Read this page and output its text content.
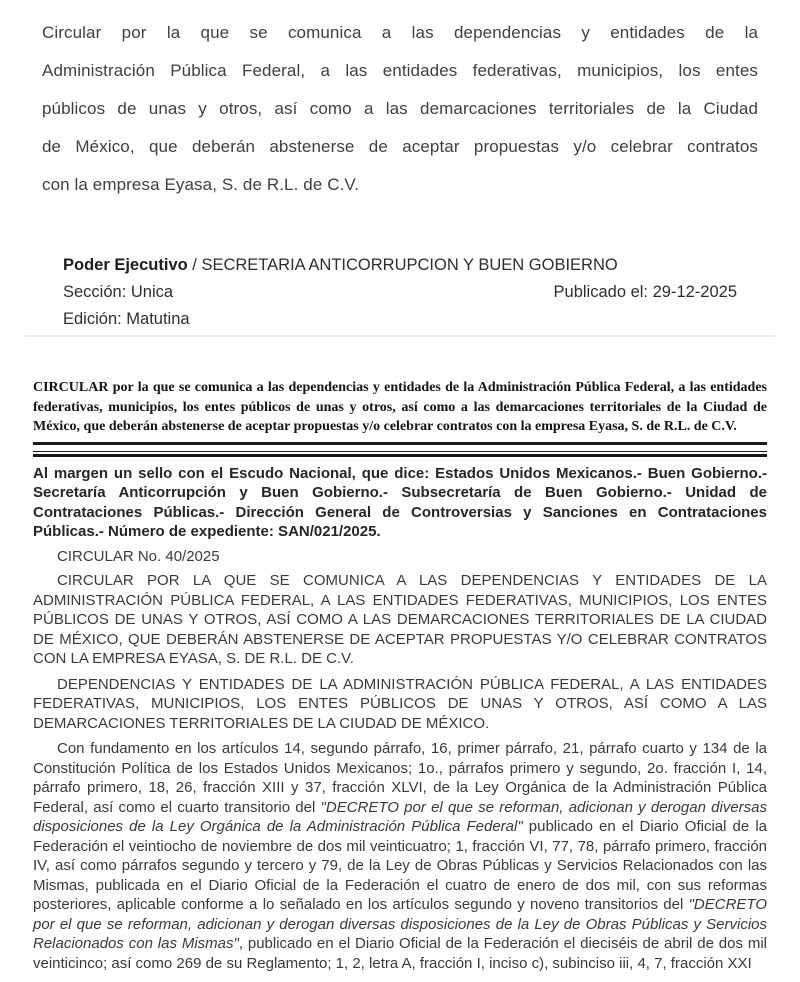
Circular por la que se comunica a las dependencias y entidades de la
Administración Pública Federal, a las entidades federativas, municipios, los entes
públicos de unas y otros, así como a las demarcaciones territoriales de la Ciudad
de México, que deberán abstenerse de aceptar propuestas y/o celebrar contratos
con la empresa Eyasa, S. de R.L. de C.V.
Poder Ejecutivo / SECRETARIA ANTICORRUPCION Y BUEN GOBIERNO
Sección: Unica	Publicado el: 29-12-2025
Edición: Matutina

CIRCULAR por la que se comunica a las dependencias y entidades de la Administración Pública Federal, a las entidades federativas, municipios, los entes públicos de unas y otros, así como a las demarcaciones territoriales de la Ciudad de México, que deberán abstenerse de aceptar propuestas y/o celebrar contratos con la empresa Eyasa, S. de R.L. de C.V.

Al margen un sello con el Escudo Nacional, que dice: Estados Unidos Mexicanos.- Buen Gobierno.- Secretaría Anticorrupción y Buen Gobierno.- Subsecretaría de Buen Gobierno.- Unidad de Contrataciones Públicas.- Dirección General de Controversias y Sanciones en Contrataciones Públicas.- Número de expediente: SAN/021/2025.

CIRCULAR No. 40/2025

CIRCULAR POR LA QUE SE COMUNICA A LAS DEPENDENCIAS Y ENTIDADES DE LA ADMINISTRACIÓN PÚBLICA FEDERAL, A LAS ENTIDADES FEDERATIVAS, MUNICIPIOS, LOS ENTES PÚBLICOS DE UNAS Y OTROS, ASÍ COMO A LAS DEMARCACIONES TERRITORIALES DE LA CIUDAD DE MÉXICO, QUE DEBERÁN ABSTENERSE DE ACEPTAR PROPUESTAS Y/O CELEBRAR CONTRATOS CON LA EMPRESA EYASA, S. DE R.L. DE C.V.

DEPENDENCIAS Y ENTIDADES DE LA ADMINISTRACIÓN PÚBLICA FEDERAL, A LAS ENTIDADES FEDERATIVAS, MUNICIPIOS, LOS ENTES PÚBLICOS DE UNAS Y OTROS, ASÍ COMO A LAS DEMARCACIONES TERRITORIALES DE LA CIUDAD DE MÉXICO.

Con fundamento en los artículos 14, segundo párrafo, 16, primer párrafo, 21, párrafo cuarto y 134 de la Constitución Política de los Estados Unidos Mexicanos; 1o., párrafos primero y segundo, 2o. fracción I, 14, párrafo primero, 18, 26, fracción XIII y 37, fracción XLVI, de la Ley Orgánica de la Administración Pública Federal, así como el cuarto transitorio del "DECRETO por el que se reforman, adicionan y derogan diversas disposiciones de la Ley Orgánica de la Administración Pública Federal" publicado en el Diario Oficial de la Federación el veintiocho de noviembre de dos mil veinticuatro; 1, fracción VI, 77, 78, párrafo primero, fracción IV, así como párrafos segundo y tercero y 79, de la Ley de Obras Públicas y Servicios Relacionados con las Mismas, publicada en el Diario Oficial de la Federación el cuatro de enero de dos mil, con sus reformas posteriores, aplicable conforme a lo señalado en los artículos segundo y noveno transitorios del "DECRETO por el que se reforman, adicionan y derogan diversas disposiciones de la Ley de Obras Públicas y Servicios Relacionados con las Mismas", publicado en el Diario Oficial de la Federación el dieciséis de abril de dos mil veinticinco; así como 269 de su Reglamento; 1, 2, letra A, fracción I, inciso c), subinciso iii, 4, 7, fracción XXI
